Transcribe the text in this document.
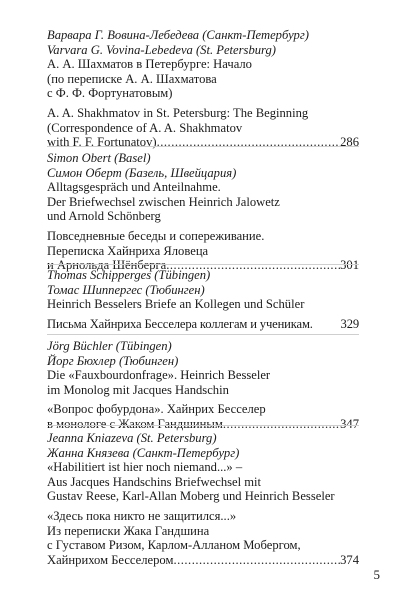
Варвара Г. Вовина-Лебедева (Санкт-Петербург)
Varvara G. Vovina-Lebedeva (St. Petersburg)
А. А. Шахматов в Петербурге: Начало
(по переписке А. А. Шахматова
с Ф. Ф. Фортунатовым)
A. A. Shakhmatov in St. Petersburg: The Beginning
(Correspondence of A. A. Shakhmatov
with F. F. Fortunatov) .....	286
Simon Obert (Basel)
Симон Оберт (Базель, Швейцария)
Alltagsgespräch und Anteilnahme.
Der Briefwechsel zwischen Heinrich Jalowetz
und Arnold Schönberg
Повседневные беседы и сопереживание.
Переписка Хайнриха Яловеца
и Арнольда Шёнберга .....	301
Thomas Schipperges (Tübingen)
Томас Шиппергес (Тюбинген)
Heinrich Besselers Briefe an Kollegen und Schüler
Письма Хайнриха Бесселера коллегам и ученикам. 329
Jörg Büchler (Tübingen)
Йорг Бюхлер (Тюбинген)
Die «Fauxbourdonfrage». Heinrich Besseler
im Monolog mit Jacques Handschin
«Вопрос фобурдона». Хайнрих Бесселер
в монологе с Жаком Гандшиным .....	347
Jeanna Kniazeva (St. Petersburg)
Жанна Князева (Санкт-Петербург)
«Habilitiert ist hier noch niemand...» –
Aus Jacques Handschins Briefwechsel mit
Gustav Reese, Karl-Allan Moberg und Heinrich Besseler
«Здесь пока никто не защитился...»
Из переписки Жака Гандшина
с Густавом Ризом, Карлом-Алланом Мобергом,
Хайнрихом Бесселером .....	374
5
